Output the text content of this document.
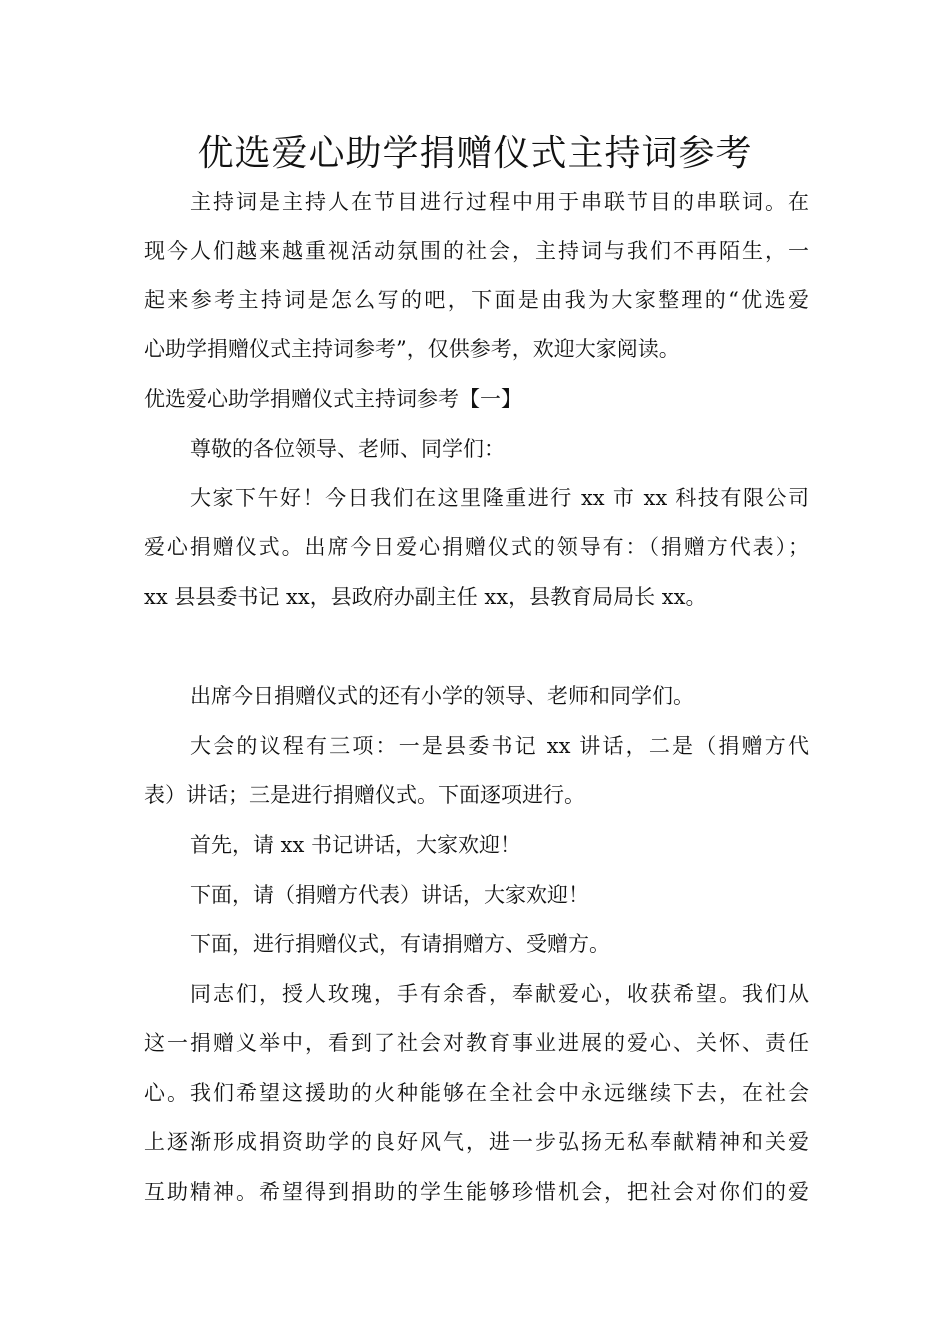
优选爱心助学捐赠仪式主持词参考
主持词是主持人在节目进行过程中用于串联节目的串联词。在
现今人们越来越重视活动氛围的社会，主持词与我们不再陌生，一
起来参考主持词是怎么写的吧，下面是由我为大家整理的“优选爱
心助学捐赠仪式主持词参考”，仅供参考，欢迎大家阅读。
优选爱心助学捐赠仪式主持词参考【一】
尊敬的各位领导、老师、同学们：
大家下午好！今日我们在这里隆重进行 xx 市 xx 科技有限公司
爱心捐赠仪式。出席今日爱心捐赠仪式的领导有：（捐赠方代表）；
xx 县县委书记 xx，县政府办副主任 xx，县教育局局长 xx。
出席今日捐赠仪式的还有小学的领导、老师和同学们。
大会的议程有三项：一是县委书记 xx 讲话，二是（捐赠方代
表）讲话；三是进行捐赠仪式。下面逐项进行。
首先，请 xx 书记讲话，大家欢迎！
下面，请（捐赠方代表）讲话，大家欢迎！
下面，进行捐赠仪式，有请捐赠方、受赠方。
同志们，授人玫瑰，手有余香，奉献爱心，收获希望。我们从
这一捐赠义举中，看到了社会对教育事业进展的爱心、关怀、责任
心。我们希望这援助的火种能够在全社会中永远继续下去，在社会
上逐渐形成捐资助学的良好风气，进一步弘扬无私奉献精神和关爱
互助精神。希望得到捐助的学生能够珍惜机会，把社会对你们的爱
